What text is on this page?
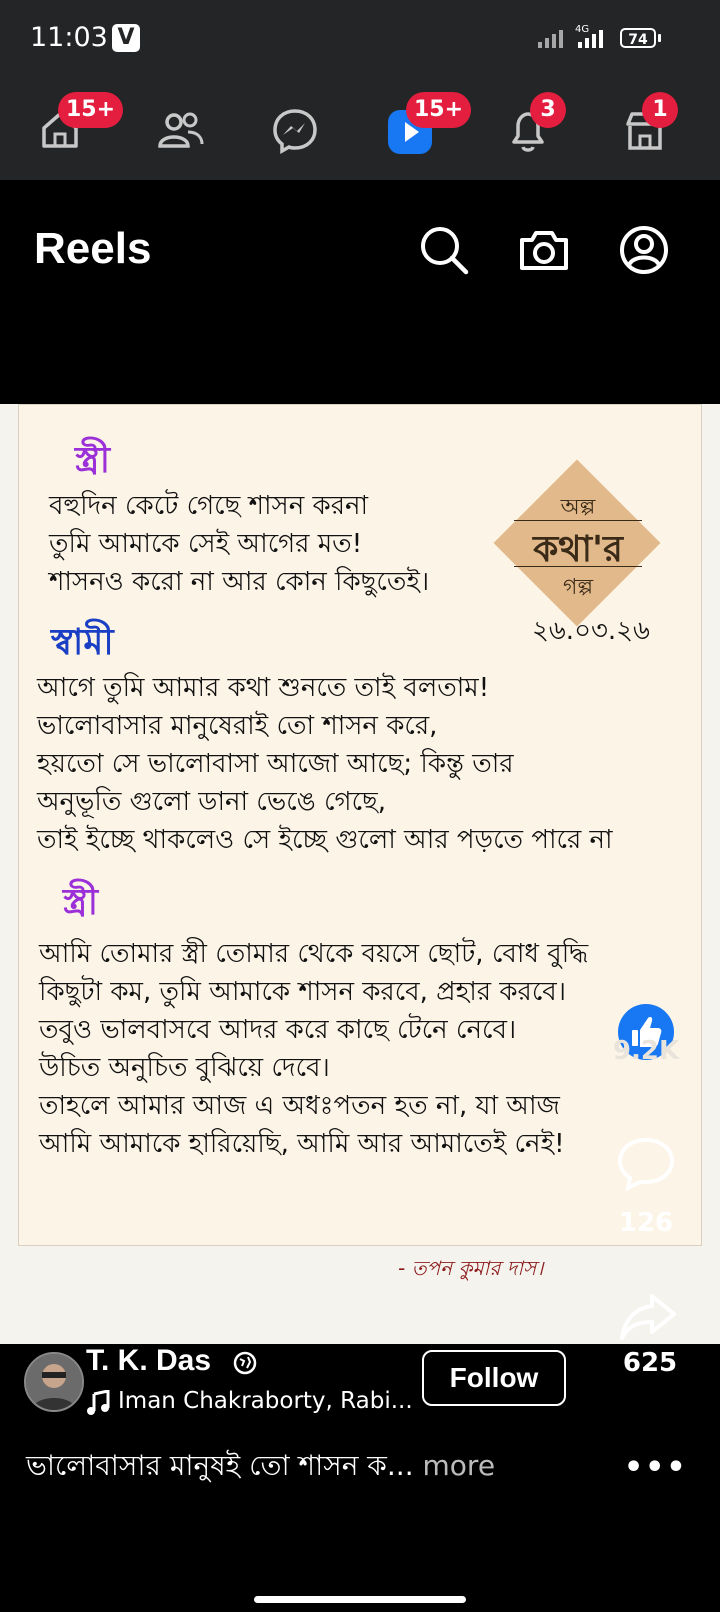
11:03 V	4G
74
15+	15+	3	1
Reels
স্ত্রী
বহুদিন কেটে গেছে শাসন করনা
তুমি আমাকে সেই আগের মত!
শাসনও করো না আর কোন কিছুতেই।
স্বামী
আগে তুমি আমার কথা শুনতে তাই বলতাম!
ভালোবাসার মানুষেরাই তো শাসন করে,
হয়তো সে ভালোবাসা আজো আছে; কিন্তু তার
অনুভূতি গুলো ডানা ভেঙে গেছে,
তাই ইচ্ছে থাকলেও সে ইচ্ছে গুলো আর পড়তে পারে না
স্ত্রী
আমি তোমার স্ত্রী তোমার থেকে বয়সে ছোট, বোধ বুদ্ধি
কিছুটা কম, তুমি আমাকে শাসন করবে, প্রহার করবে।
তবুও ভালবাসবে আদর করে কাছে টেনে নেবে।
উচিত অনুচিত বুঝিয়ে দেবে।
তাহলে আমার আজ এ অধঃপতন হত না, যা আজ
আমি আমাকে হারিয়েছি, আমি আর আমাতেই নেই!
অল্প
কথা'র
গল্প
২৬.০৩.২৬
- তপন কুমার দাস।
9.2K
126
T. K. Das
Iman Chakraborty, Rabi...
Follow	625
ভালোবাসার মানুষই তো শাসন ক... more	•••
